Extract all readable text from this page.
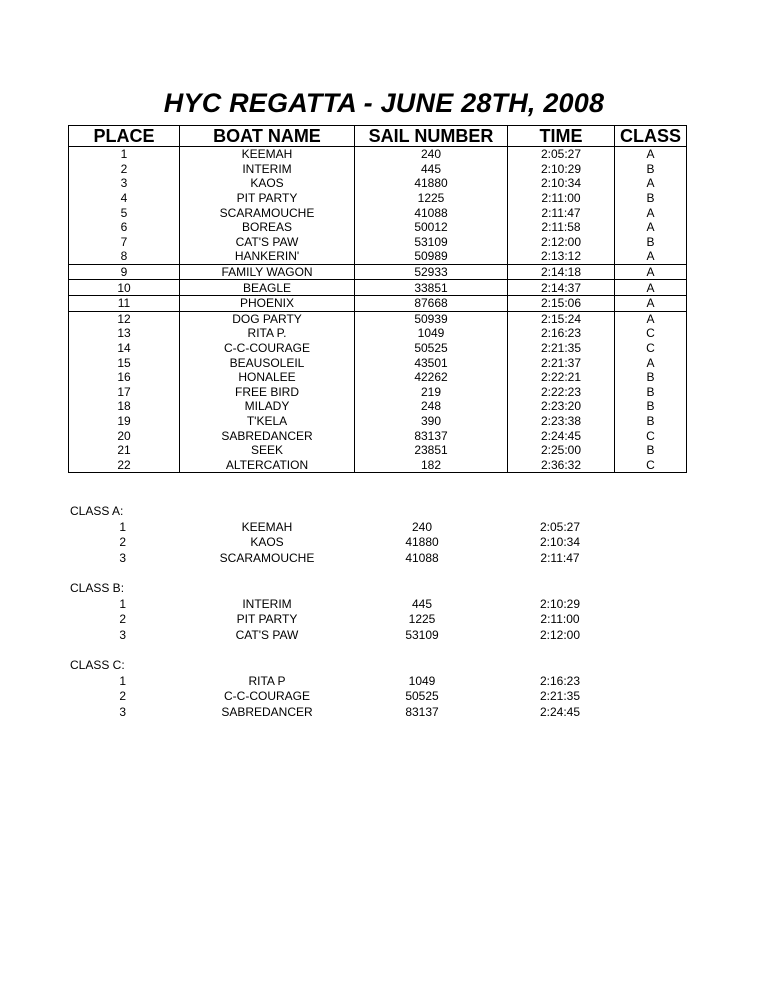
HYC REGATTA - JUNE 28TH, 2008
PLACE	BOAT NAME	SAIL NUMBER	TIME	CLASS
1	KEEMAH	240	2:05:27	A
2	INTERIM	445	2:10:29	B
3	KAOS	41880	2:10:34	A
4	PIT PARTY	1225	2:11:00	B
5	SCARAMOUCHE	41088	2:11:47	A
6	BOREAS	50012	2:11:58	A
7	CAT'S PAW	53109	2:12:00	B
8	HANKERIN'	50989	2:13:12	A
9	FAMILY WAGON	52933	2:14:18	A
10	BEAGLE	33851	2:14:37	A
11	PHOENIX	87668	2:15:06	A
12	DOG PARTY	50939	2:15:24	A
13	RITA P.	1049	2:16:23	C
14	C-C-COURAGE	50525	2:21:35	C
15	BEAUSOLEIL	43501	2:21:37	A
16	HONALEE	42262	2:22:21	B
17	FREE BIRD	219	2:22:23	B
18	MILADY	248	2:23:20	B
19	T'KELA	390	2:23:38	B
20	SABREDANCER	83137	2:24:45	C
21	SEEK	23851	2:25:00	B
22	ALTERCATION	182	2:36:32	C
CLASS A:
1	KEEMAH	240	2:05:27
2	KAOS	41880	2:10:34
3	SCARAMOUCHE	41088	2:11:47
CLASS B:
1	INTERIM	445	2:10:29
2	PIT PARTY	1225	2:11:00
3	CAT'S PAW	53109	2:12:00
CLASS C:
1	RITA P	1049	2:16:23
2	C-C-COURAGE	50525	2:21:35
3	SABREDANCER	83137	2:24:45
